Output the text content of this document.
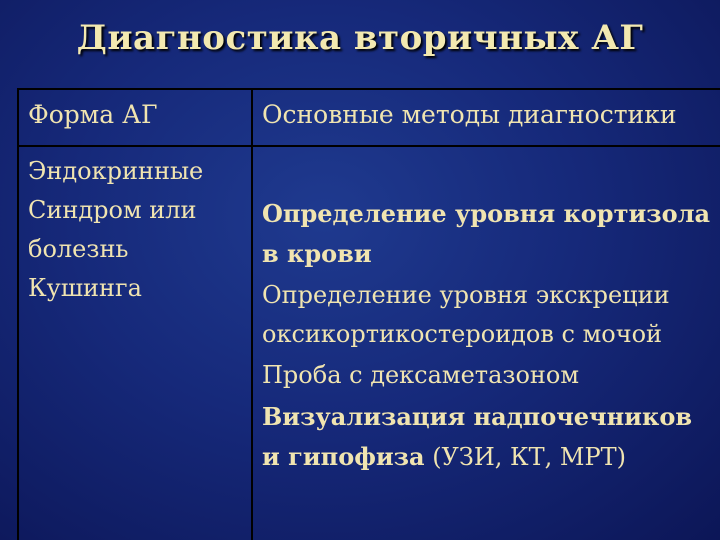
Диагностика вторичных АГ
Форма АГ	Основные методы диагностики
Эндокринные
Синдром или
болезнь
Кушинга
Определение уровня кортизола в крови
Определение уровня экскреции оксикортикостероидов с мочой
Проба с дексаметазоном
Визуализация надпочечников и гипофиза (УЗИ, КТ, МРТ)
